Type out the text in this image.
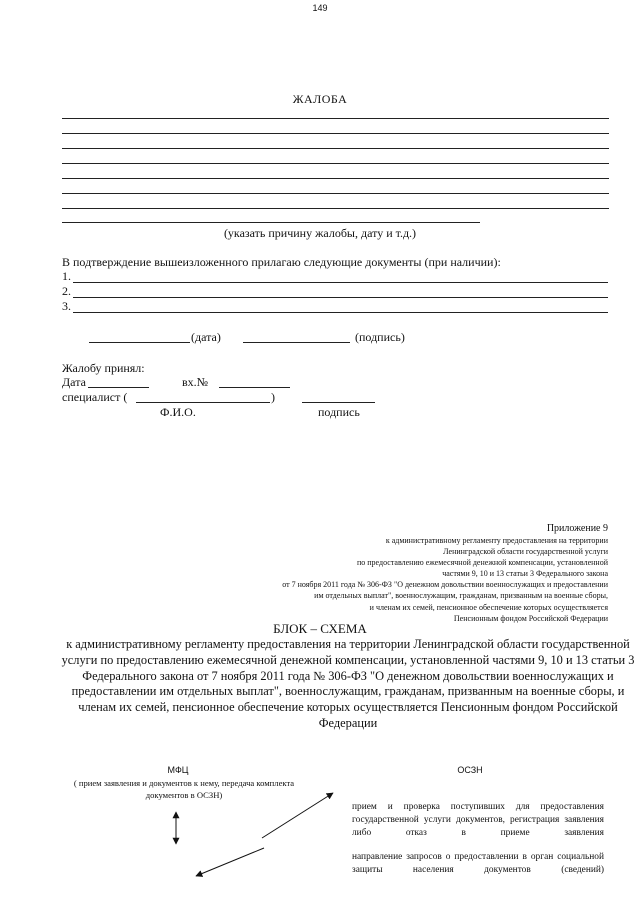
149
ЖАЛОБА
(указать причину жалобы, дату и т.д.)
В подтверждение вышеизложенного прилагаю следующие документы (при наличии):
1.
2.
3.
(дата)	(подпись)
Жалобу принял:
Дата	вх.№
специалист (	)
Ф.И.О.	подпись
Приложение 9
к административному регламенту предоставления на территории
Ленинградской области государственной услуги
по предоставлению ежемесячной денежной компенсации, установленной
частями 9, 10 и 13 статьи 3 Федерального закона
от 7 ноября 2011 года № 306-ФЗ "О денежном довольствии военнослужащих и предоставлении
им отдельных выплат", военнослужащим, гражданам, призванным на военные сборы,
и членам их семей, пенсионное обеспечение которых осуществляется
Пенсионным фондом Российской Федерации
БЛОК – СХЕМА
к административному регламенту предоставления на территории Ленинградской области государственной услуги по предоставлению ежемесячной денежной компенсации, установленной частями 9, 10 и 13 статьи 3 Федерального закона от 7 ноября 2011 года № 306-ФЗ "О денежном довольствии военнослужащих и предоставлении им отдельных выплат", военнослужащим, гражданам, призванным на военные сборы, и членам их семей, пенсионное обеспечение которых осуществляется Пенсионным фондом Российской Федерации
МФЦ
( прием заявления и документов к нему, передача комплекта документов в ОСЗН)
ОСЗН
прием и проверка поступивших для предоставления государственной услуги документов, регистрация заявления либо отказ в приеме заявления
направление запросов о предоставлении в орган социальной защиты населения документов (сведений)
